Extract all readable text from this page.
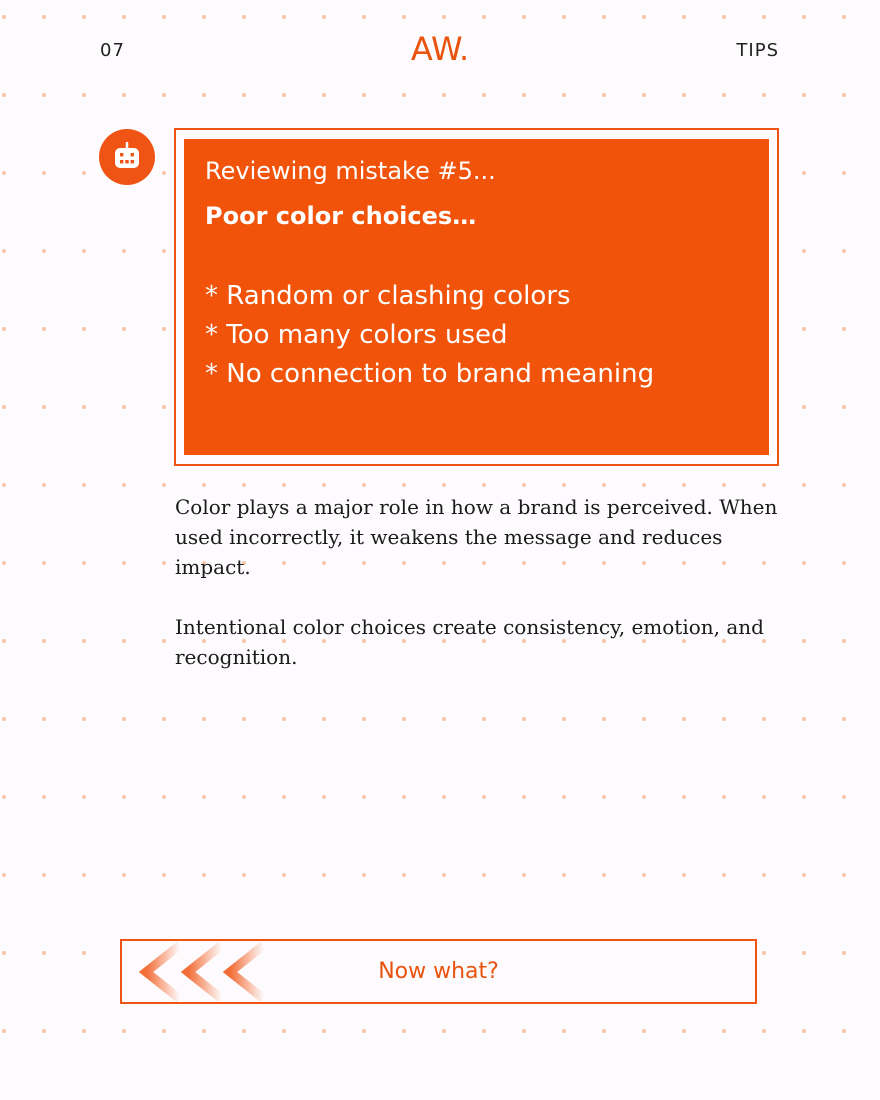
07	AW.	TIPS
Reviewing mistake #5...
Poor color choices…
* Random or clashing colors
* Too many colors used
* No connection to brand meaning

Color plays a major role in how a brand is perceived. When used incorrectly, it weakens the message and reduces impact.

Intentional color choices create consistency, emotion, and recognition.

Now what?
